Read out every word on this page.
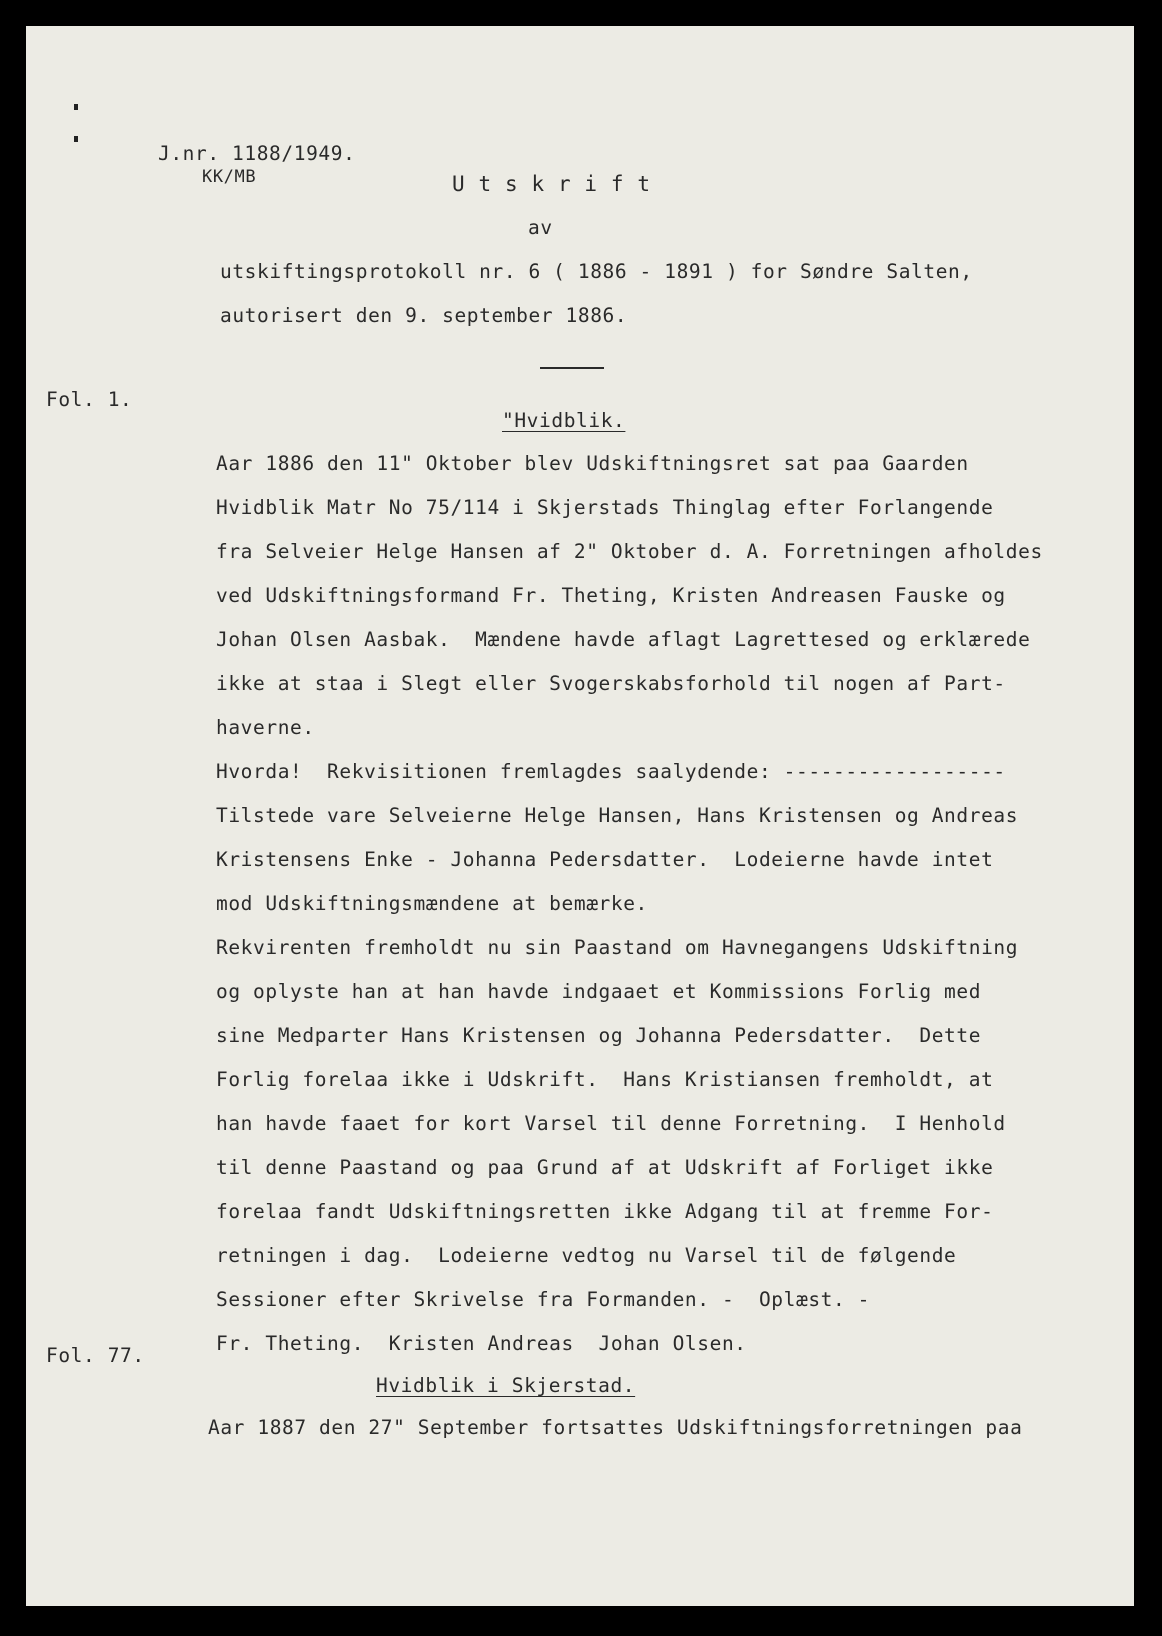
J.nr. 1188/1949.
KK/MB	U t s k r i f t
av
utskiftingsprotokoll nr. 6 ( 1886 - 1891 ) for Søndre Salten,
autorisert den 9. september 1886.
Fol. 1.
"Hvidblik.
Aar 1886 den 11" Oktober blev Udskiftningsret sat paa Gaarden
Hvidblik Matr No 75/114 i Skjerstads Thinglag efter Forlangende
fra Selveier Helge Hansen af 2" Oktober d. A. Forretningen afholdes
ved Udskiftningsformand Fr. Theting, Kristen Andreasen Fauske og
Johan Olsen Aasbak.  Mændene havde aflagt Lagrettesed og erklærede
ikke at staa i Slegt eller Svogerskabsforhold til nogen af Part-
haverne.
Hvorda!  Rekvisitionen fremlagdes saalydende: ------------------
Tilstede vare Selveierne Helge Hansen, Hans Kristensen og Andreas
Kristensens Enke - Johanna Pedersdatter.  Lodeierne havde intet
mod Udskiftningsmændene at bemærke.
Rekvirenten fremholdt nu sin Paastand om Havnegangens Udskiftning
og oplyste han at han havde indgaaet et Kommissions Forlig med
sine Medparter Hans Kristensen og Johanna Pedersdatter.  Dette
Forlig forelaa ikke i Udskrift.  Hans Kristiansen fremholdt, at
han havde faaet for kort Varsel til denne Forretning.  I Henhold
til denne Paastand og paa Grund af at Udskrift af Forliget ikke
forelaa fandt Udskiftningsretten ikke Adgang til at fremme For-
retningen i dag.  Lodeierne vedtog nu Varsel til de følgende
Sessioner efter Skrivelse fra Formanden. -  Oplæst. -
Fr. Theting.  Kristen Andreas  Johan Olsen.
Fol. 77.
Hvidblik i Skjerstad.
Aar 1887 den 27" September fortsattes Udskiftningsforretningen paa
